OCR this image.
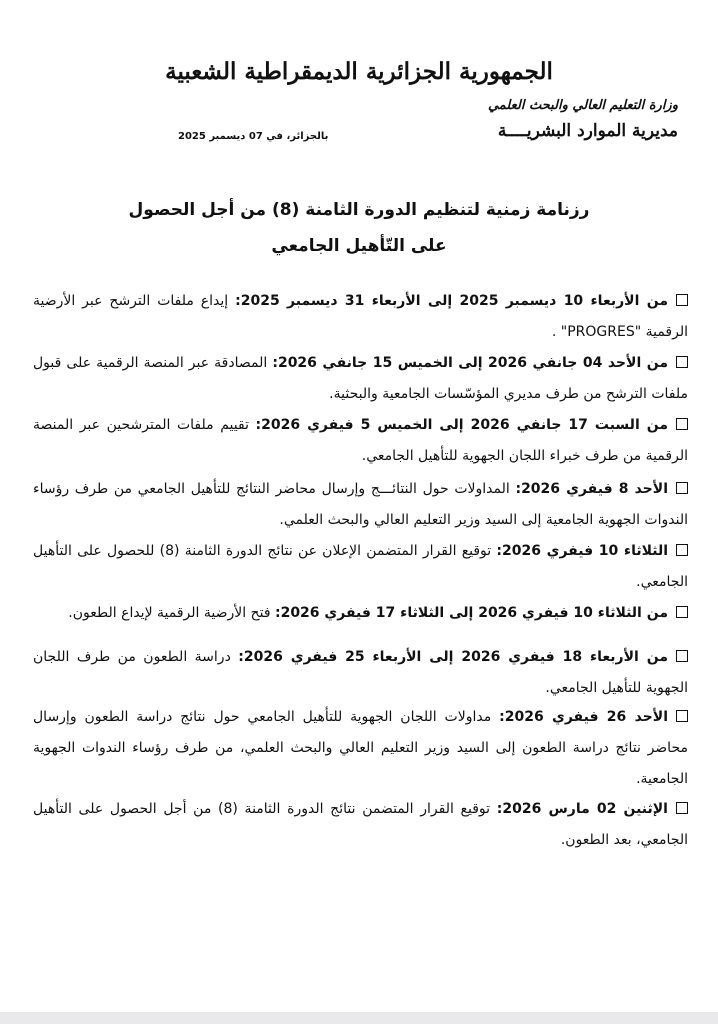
الجمهورية الجزائرية الديمقراطية الشعبية
وزارة التعليم العالي والبحث العلمي
مديرية الموارد البشريــــة
بالجزائر، في 07 ديسمبر 2025
رزنامة زمنية لتنظيم الدورة الثامنة (8) من أجل الحصول
على التّأهيل الجامعي
من الأربعاء 10 ديسمبر 2025 إلى الأربعاء 31 ديسمبر 2025: إيداع ملفات الترشح عبر الأرضية الرقمية "PROGRES" .
من الأحد 04 جانفي 2026 إلى الخميس 15 جانفي 2026: المصادقة عبر المنصة الرقمية على قبول ملفات الترشح من طرف مديري المؤسّسات الجامعية والبحثية.
من السبت 17 جانفي 2026 إلى الخميس 5 فيفري 2026: تقييم ملفات المترشحين عبر المنصة الرقمية من طرف خبراء اللجان الجهوية للتأهيل الجامعي.
الأحد 8 فيفري 2026: المداولات حول النتائـــج وإرسال محاضر النتائج للتأهيل الجامعي من طرف رؤساء الندوات الجهوية الجامعية إلى السيد وزير التعليم العالي والبحث العلمي.
الثلاثاء 10 فيفري 2026: توقيع القرار المتضمن الإعلان عن نتائج الدورة الثامنة (8) للحصول على التأهيل الجامعي.
من الثلاثاء 10 فيفري 2026 إلى الثلاثاء 17 فيفري 2026: فتح الأرضية الرقمية لإيداع الطعون.
من الأربعاء 18 فيفري 2026 إلى الأربعاء 25 فيفري 2026: دراسة الطعون من طرف اللجان الجهوية للتأهيل الجامعي.
الأحد 26 فيفري 2026: مداولات اللجان الجهوية للتأهيل الجامعي حول نتائج دراسة الطعون وإرسال محاضر نتائج دراسة الطعون إلى السيد وزير التعليم العالي والبحث العلمي، من طرف رؤساء الندوات الجهوية الجامعية.
الإثنين 02 مارس 2026: توقيع القرار المتضمن نتائج الدورة الثامنة (8) من أجل الحصول على التأهيل الجامعي، بعد الطعون.
